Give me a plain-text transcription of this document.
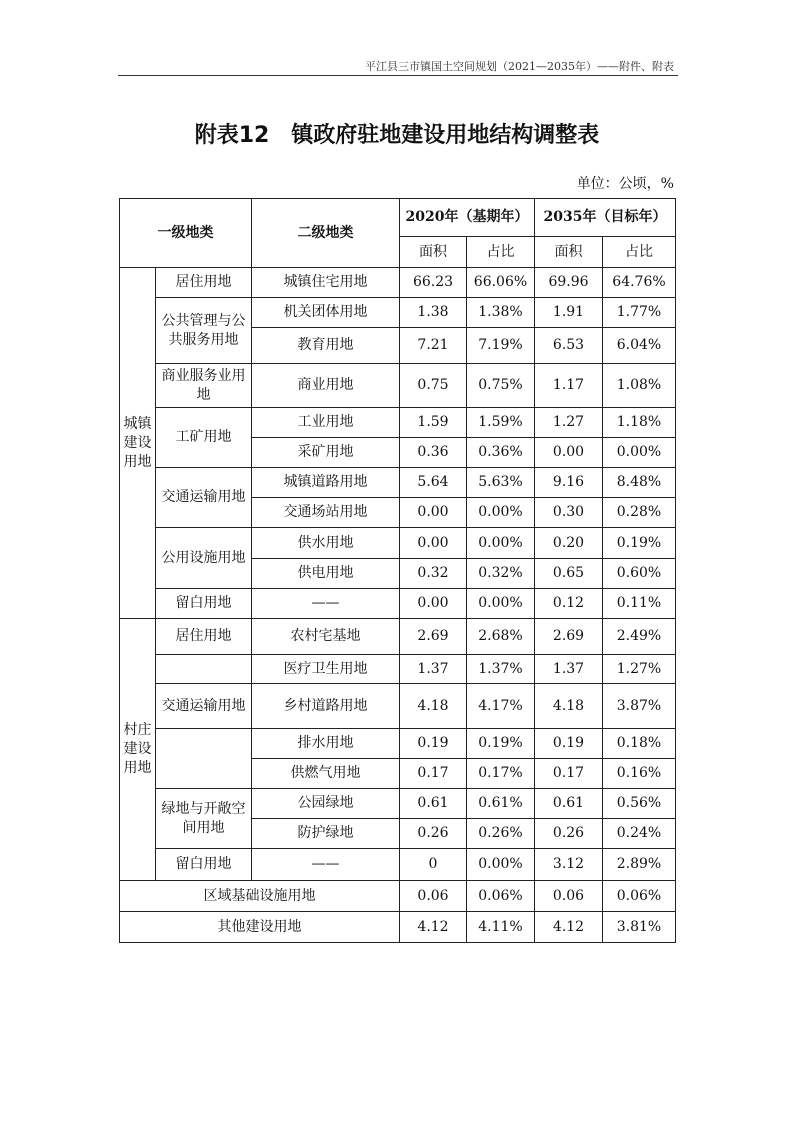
平江县三市镇国土空间规划（2021—2035年）——附件、附表
附表12　镇政府驻地建设用地结构调整表
单位：公顷，%
一级地类		二级地类	2020年（基期年）		2035年（目标年）	
			面积	占比	面积	占比
城镇建设用地	居住用地	城镇住宅用地	66.23	66.06%	69.96	64.76%
	公共管理与公共服务用地	机关团体用地	1.38	1.38%	1.91	1.77%
		教育用地	7.21	7.19%	6.53	6.04%
	商业服务业用地	商业用地	0.75	0.75%	1.17	1.08%
	工矿用地	工业用地	1.59	1.59%	1.27	1.18%
		采矿用地	0.36	0.36%	0.00	0.00%
	交通运输用地	城镇道路用地	5.64	5.63%	9.16	8.48%
		交通场站用地	0.00	0.00%	0.30	0.28%
	公用设施用地	供水用地	0.00	0.00%	0.20	0.19%
		供电用地	0.32	0.32%	0.65	0.60%
	留白用地	——	0.00	0.00%	0.12	0.11%
村庄建设用地	居住用地	农村宅基地	2.69	2.68%	2.69	2.49%
		医疗卫生用地	1.37	1.37%	1.37	1.27%
	交通运输用地	乡村道路用地	4.18	4.17%	4.18	3.87%
		排水用地	0.19	0.19%	0.19	0.18%
		供燃气用地	0.17	0.17%	0.17	0.16%
	绿地与开敞空间用地	公园绿地	0.61	0.61%	0.61	0.56%
		防护绿地	0.26	0.26%	0.26	0.24%
	留白用地	——	0	0.00%	3.12	2.89%
区域基础设施用地			0.06	0.06%	0.06	0.06%
其他建设用地			4.12	4.11%	4.12	3.81%
